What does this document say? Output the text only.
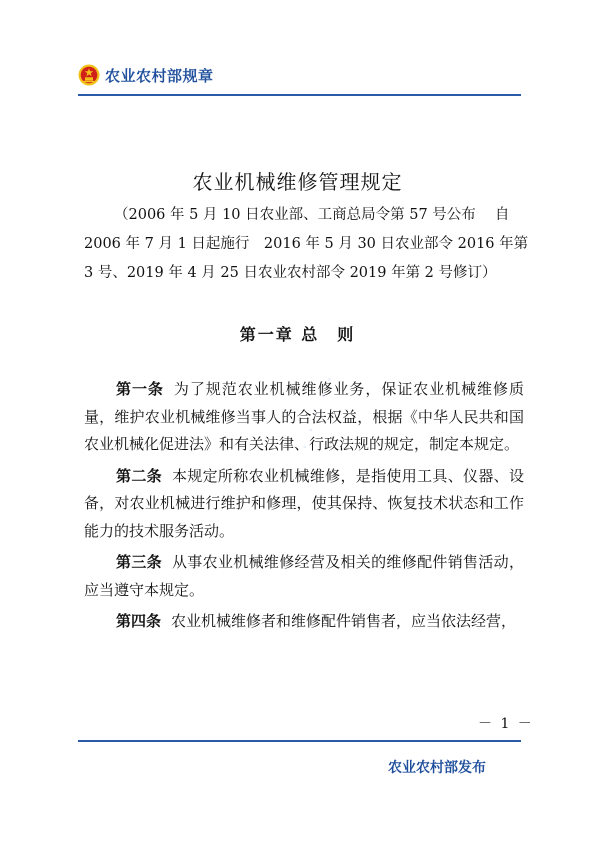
农业农村部规章
· · · · ·
农业机械维修管理规定
（2006 年 5 月 10 日农业部、工商总局令第 57 号公布　 自
2006 年 7 月 1 日起施行　2016 年 5 月 30 日农业部令 2016 年第
3 号、2019 年 4 月 25 日农业农村部令 2019 年第 2 号修订）
第一章 总　则

第一条 为了规范农业机械维修业务，保证农业机械维修质量，维护农业机械维修当事人的合法权益，根据《中华人民共和国农业机械化促进法》和有关法律、行政法规的规定，制定本规定。

第二条 本规定所称农业机械维修，是指使用工具、仪器、设备，对农业机械进行维护和修理，使其保持、恢复技术状态和工作能力的技术服务活动。

第三条 从事农业机械维修经营及相关的维修配件销售活动，应当遵守本规定。

第四条 农业机械维修者和维修配件销售者，应当依法经营，

－ 1 －
农业农村部发布
